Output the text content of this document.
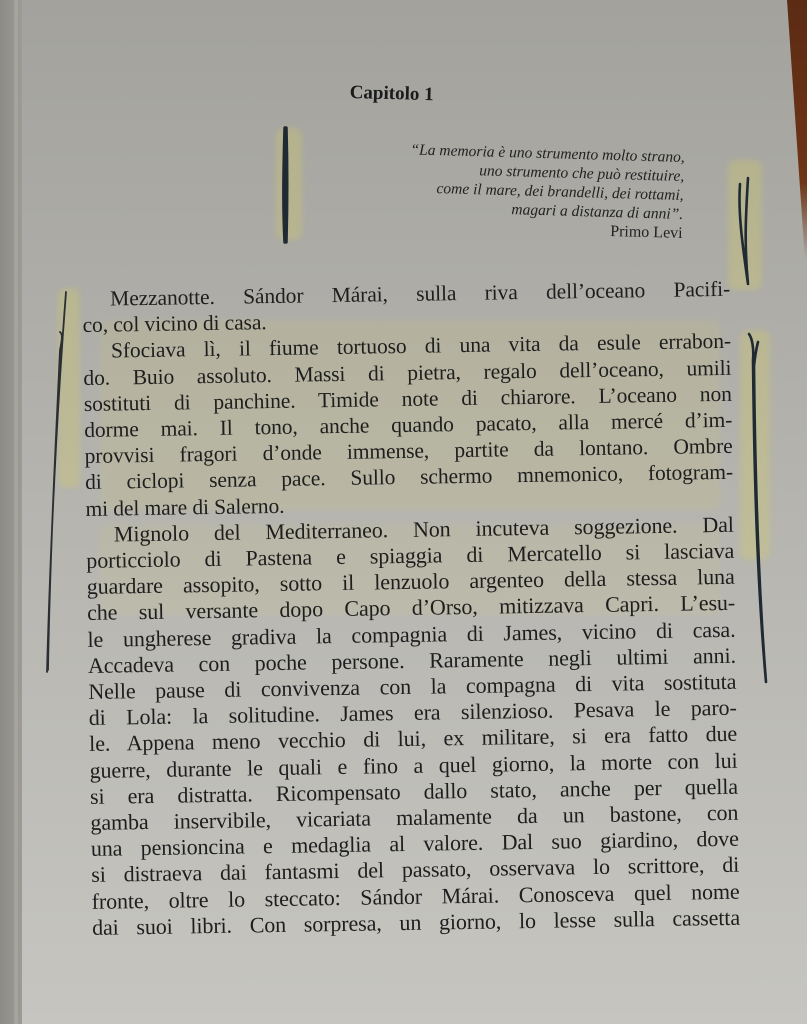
Capitolo 1
“La memoria è uno strumento molto strano,
uno strumento che può restituire,
come il mare, dei brandelli, dei rottami,
magari a distanza di anni”.
Primo Levi
Mezzanotte. Sándor Márai, sulla riva dell’oceano Pacifi-
co, col vicino di casa.
Sfociava lì, il fiume tortuoso di una vita da esule errabon-
do. Buio assoluto. Massi di pietra, regalo dell’oceano, umili
sostituti di panchine. Timide note di chiarore. L’oceano non
dorme mai. Il tono, anche quando pacato, alla mercé d’im-
provvisi fragori d’onde immense, partite da lontano. Ombre
di ciclopi senza pace. Sullo schermo mnemonico, fotogram-
mi del mare di Salerno.
Mignolo del Mediterraneo. Non incuteva soggezione. Dal
porticciolo di Pastena e spiaggia di Mercatello si lasciava
guardare assopito, sotto il lenzuolo argenteo della stessa luna
che sul versante dopo Capo d’Orso, mitizzava Capri. L’esu-
le ungherese gradiva la compagnia di James, vicino di casa.
Accadeva con poche persone. Raramente negli ultimi anni.
Nelle pause di convivenza con la compagna di vita sostituta
di Lola: la solitudine. James era silenzioso. Pesava le paro-
le. Appena meno vecchio di lui, ex militare, si era fatto due
guerre, durante le quali e fino a quel giorno, la morte con lui
si era distratta. Ricompensato dallo stato, anche per quella
gamba inservibile, vicariata malamente da un bastone, con
una pensioncina e medaglia al valore. Dal suo giardino, dove
si distraeva dai fantasmi del passato, osservava lo scrittore, di
fronte, oltre lo steccato: Sándor Márai. Conosceva quel nome
dai suoi libri. Con sorpresa, un giorno, lo lesse sulla cassetta
